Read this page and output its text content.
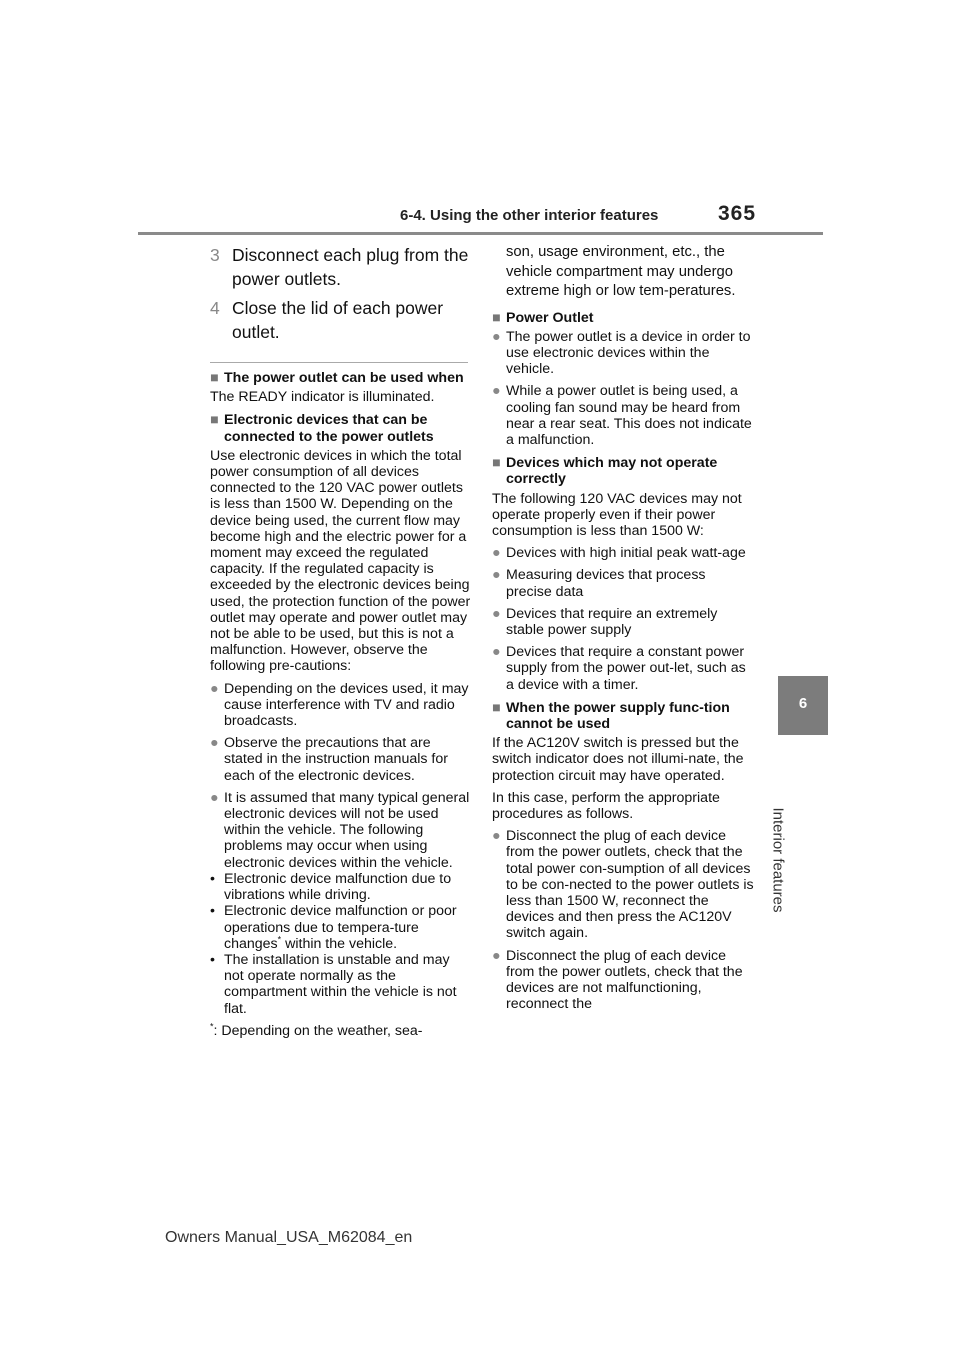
6-4. Using the other interior features	365
6
Interior features
3 Disconnect each plug from the power outlets.
4 Close the lid of each power outlet.
■ The power outlet can be used when

The READY indicator is illuminated.

■ Electronic devices that can be connected to the power outlets

Use electronic devices in which the total power consumption of all devices connected to the 120 VAC power outlets is less than 1500 W. Depending on the device being used, the current flow may become high and the electric power for a moment may exceed the regulated capacity. If the regulated capacity is exceeded by the electronic devices being used, the protection function of the power outlet may operate and power outlet may not be able to be used, but this is not a malfunction. However, observe the following pre-cautions:

● Depending on the devices used, it may cause interference with TV and radio broadcasts.
● Observe the precautions that are stated in the instruction manuals for each of the electronic devices.
● It is assumed that many typical general electronic devices will not be used within the vehicle. The following problems may occur when using electronic devices within the vehicle.
• Electronic device malfunction due to vibrations while driving.
• Electronic device malfunction or poor operations due to tempera-ture changes* within the vehicle.
• The installation is unstable and may not operate normally as the compartment within the vehicle is not flat.

*: Depending on the weather, sea-

son, usage environment, etc., the vehicle compartment may undergo extreme high or low tem-peratures.

■ Power Outlet
● The power outlet is a device in order to use electronic devices within the vehicle.
● While a power outlet is being used, a cooling fan sound may be heard from near a rear seat. This does not indicate a malfunction.
■ Devices which may not operate correctly

The following 120 VAC devices may not operate properly even if their power consumption is less than 1500 W:

● Devices with high initial peak watt-age
● Measuring devices that process precise data
● Devices that require an extremely stable power supply
● Devices that require a constant power supply from the power out-let, such as a device with a timer.
■ When the power supply func-tion cannot be used

If the AC120V switch is pressed but the switch indicator does not illumi-nate, the protection circuit may have operated.

In this case, perform the appropriate procedures as follows.

● Disconnect the plug of each device from the power outlets, check that the total power con-sumption of all devices to be con-nected to the power outlets is less than 1500 W, reconnect the devices and then press the AC120V switch again.
● Disconnect the plug of each device from the power outlets, check that the devices are not malfunctioning, reconnect the
Owners Manual_USA_M62084_en
